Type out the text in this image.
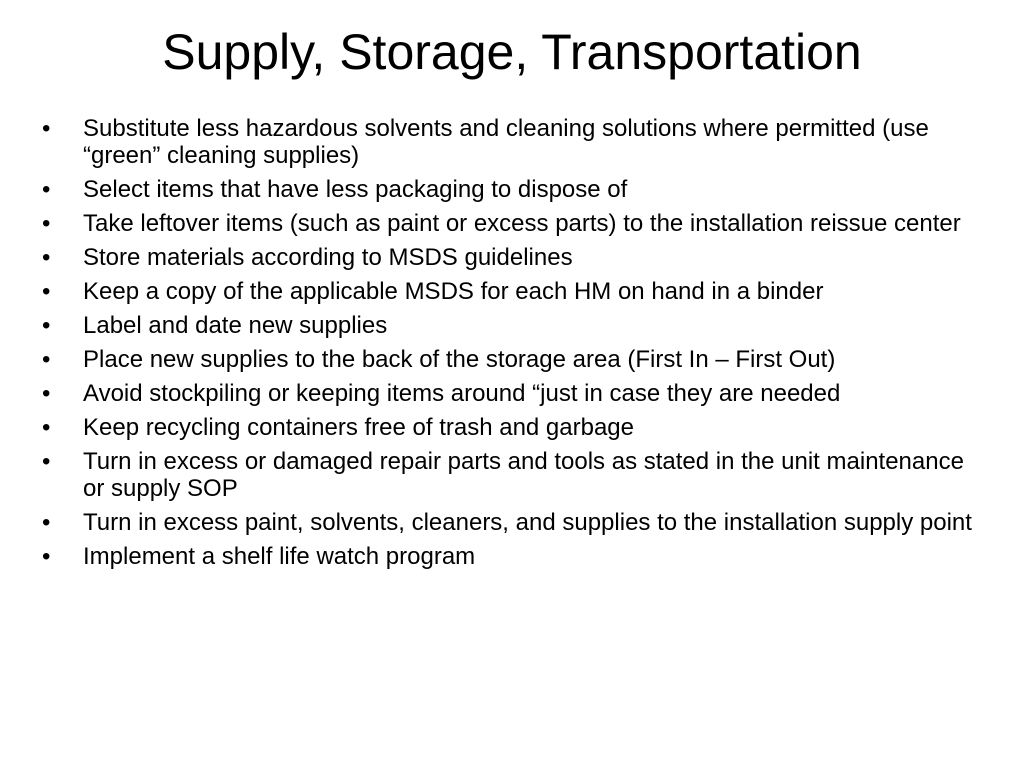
Supply, Storage, Transportation
•	Substitute less hazardous solvents and cleaning solutions where permitted (use “green” cleaning supplies)
•	Select items that have less packaging to dispose of
•	Take leftover items (such as paint or excess parts) to the installation reissue center
•	Store materials according to MSDS guidelines
•	Keep a copy of the applicable MSDS for each HM on hand in a binder
•	Label and date new supplies
•	Place new supplies to the back of the storage area (First In – First Out)
•	Avoid stockpiling or keeping items around “just in case they are needed
•	Keep recycling containers free of trash and garbage
•	Turn in excess or damaged repair parts and tools as stated in the unit maintenance or supply SOP
•	Turn in excess paint, solvents, cleaners, and supplies to the installation supply point
•	Implement a shelf life watch program
